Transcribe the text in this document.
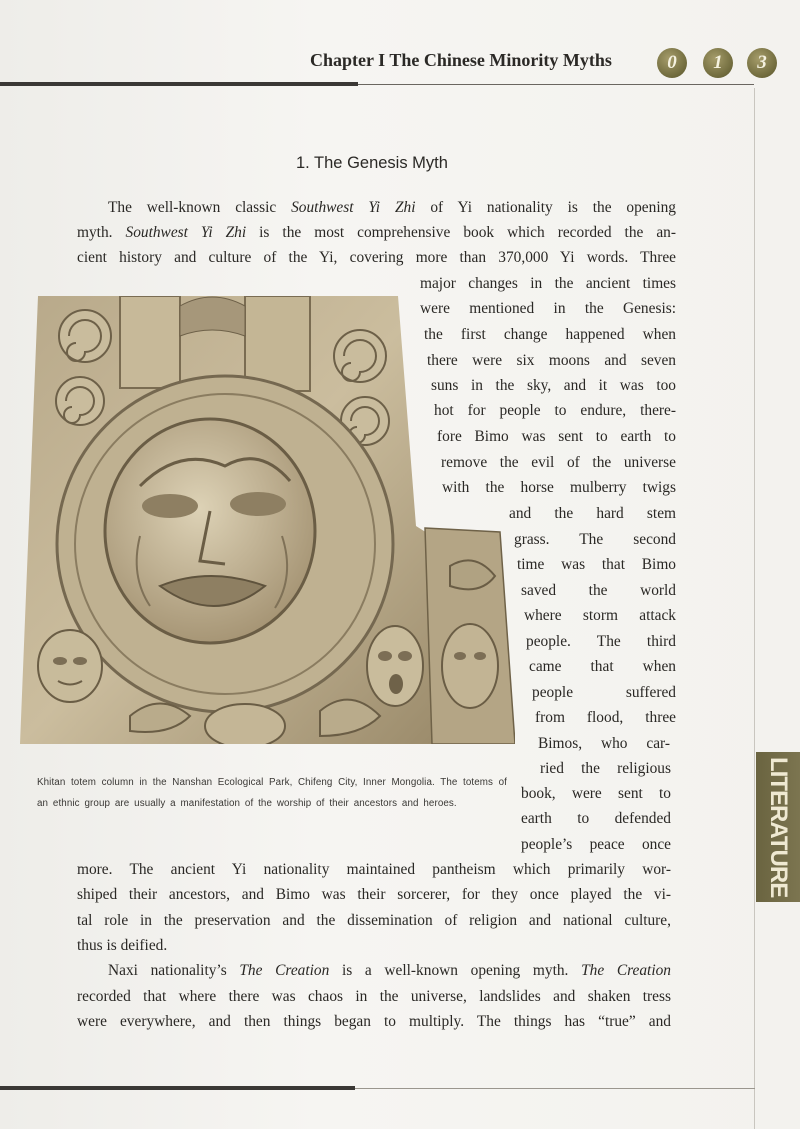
Chapter I The Chinese Minority Myths	0	1	3
LITERATURE
1. The Genesis Myth
The well-known classic Southwest Yi Zhi of Yi nationality is the opening
myth. Southwest Yi Zhi is the most comprehensive book which recorded the an-
cient history and culture of the Yi, covering more than 370,000 Yi words. Three
major changes in the ancient times
were mentioned in the Genesis:
the first change happened when
there were six moons and seven
suns in the sky, and it was too
hot for people to endure, there-
fore Bimo was sent to earth to
remove the evil of the universe
with the horse mulberry twigs
and the hard stem
grass. The second
time was that Bimo
saved the world
where storm attack
people. The third
came that when
people suffered
from flood, three
Bimos, who car-
ried the religious
book, were sent to
earth to defended
people’s peace once
more. The ancient Yi nationality maintained pantheism which primarily wor-
shiped their ancestors, and Bimo was their sorcerer, for they once played the vi-
tal role in the preservation and the dissemination of religion and national culture,
thus is deified.
Naxi nationality’s The Creation is a well-known opening myth. The Creation
recorded that where there was chaos in the universe, landslides and shaken tress
were everywhere, and then things began to multiply. The things has “true” and
Khitan totem column in the Nanshan Ecological Park, Chifeng City, Inner Mongolia. The totems of an ethnic group are usually a manifestation of the worship of their ancestors and heroes.
